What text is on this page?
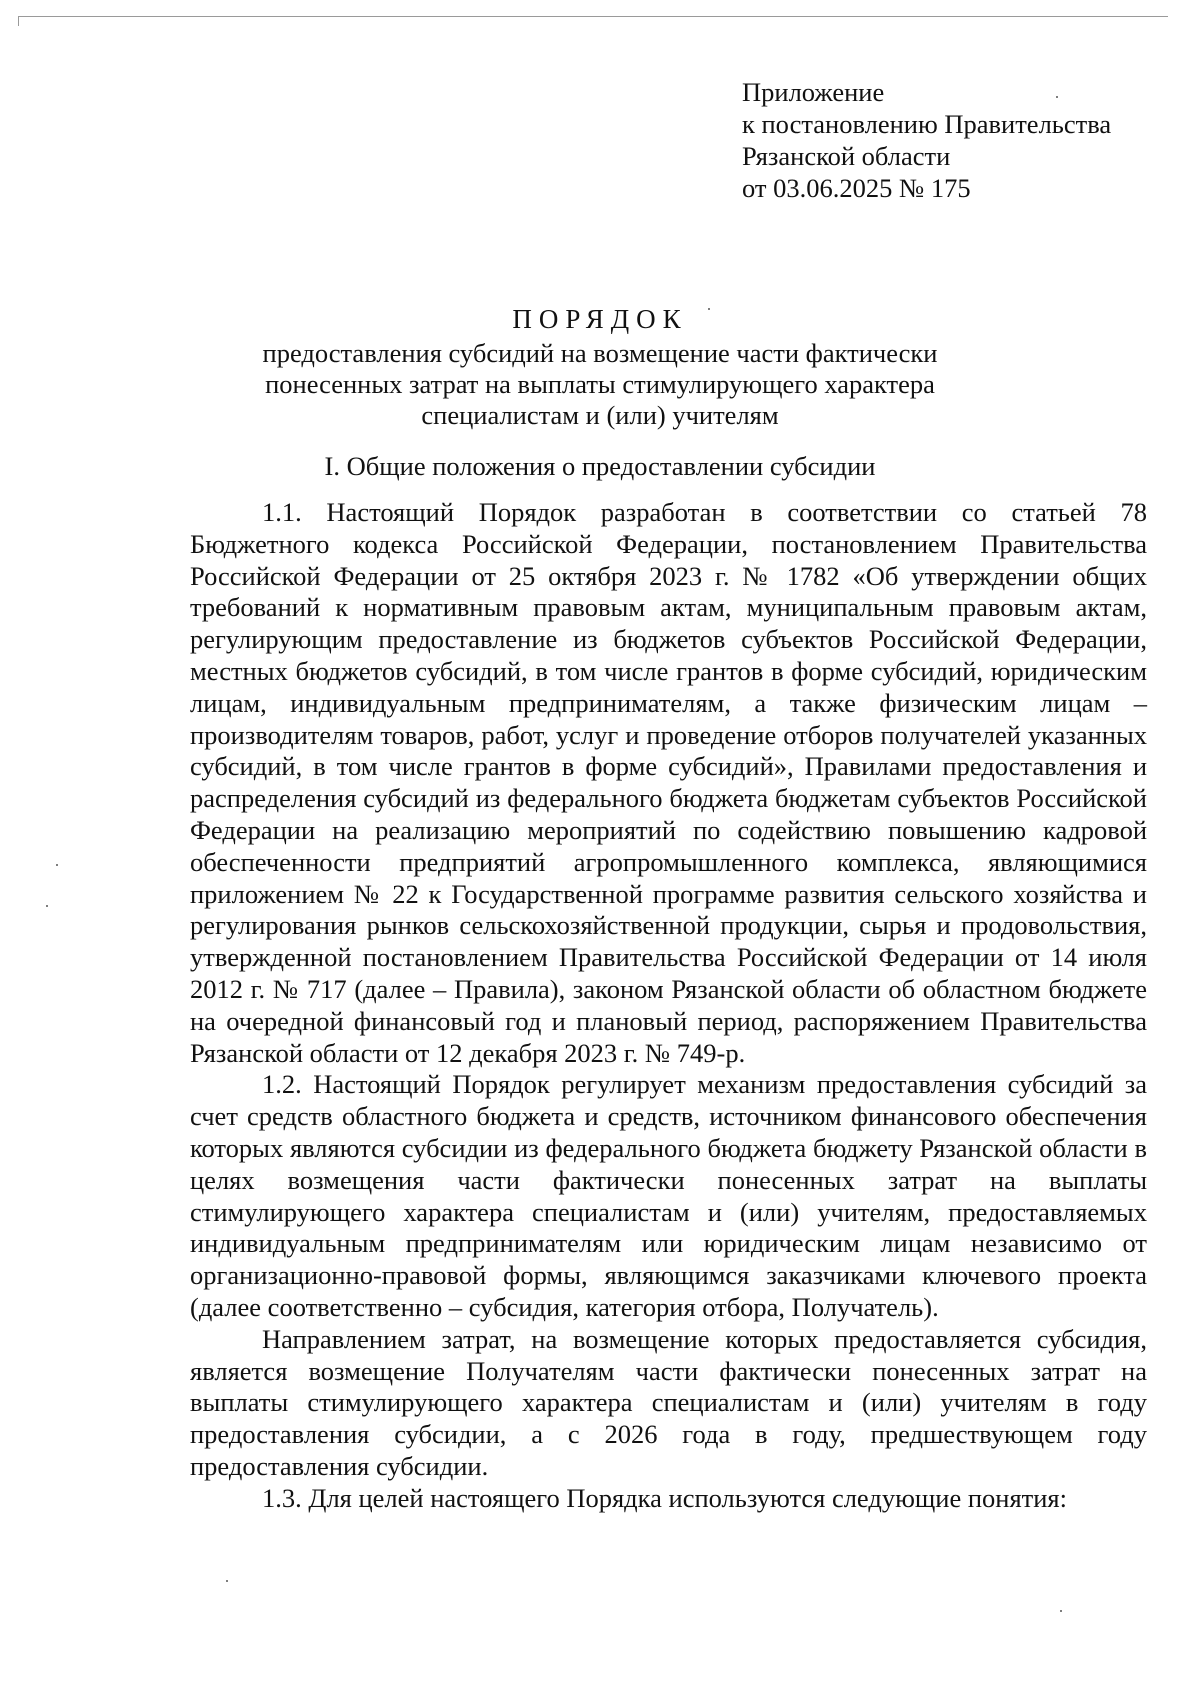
Приложение
к постановлению Правительства
Рязанской области
от 03.06.2025 № 175
ПОРЯДОК
предоставления субсидий на возмещение части фактически
понесенных затрат на выплаты стимулирующего характера
специалистам и (или) учителям
I. Общие положения о предоставлении субсидии

1.1. Настоящий Порядок разработан в соответствии со статьей 78 Бюджетного кодекса Российской Федерации, постановлением Правительства Российской Федерации от 25 октября 2023 г. № 1782 «Об утверждении общих требований к нормативным правовым актам, муниципальным правовым актам, регулирующим предоставление из бюджетов субъектов Российской Федерации, местных бюджетов субсидий, в том числе грантов в форме субсидий, юридическим лицам, индивидуальным предпринимателям, а также физическим лицам – производителям товаров, работ, услуг и проведение отборов получателей указанных субсидий, в том числе грантов в форме субсидий», Правилами предоставления и распределения субсидий из федерального бюджета бюджетам субъектов Российской Федерации на реализацию мероприятий по содействию повышению кадровой обеспеченности предприятий агропромышленного комплекса, являющимися приложением № 22 к Государственной программе развития сельского хозяйства и регулирования рынков сельскохозяйственной продукции, сырья и продовольствия, утвержденной постановлением Правительства Российской Федерации от 14 июля 2012 г. № 717 (далее – Правила), законом Рязанской области об областном бюджете на очередной финансовый год и плановый период, распоряжением Правительства Рязанской области от 12 декабря 2023 г. № 749-р.

1.2. Настоящий Порядок регулирует механизм предоставления субсидий за счет средств областного бюджета и средств, источником финансового обеспечения которых являются субсидии из федерального бюджета бюджету Рязанской области в целях возмещения части фактически понесенных затрат на выплаты стимулирующего характера специалистам и (или) учителям, предоставляемых индивидуальным предпринимателям или юридическим лицам независимо от организационно-правовой формы, являющимся заказчиками ключевого проекта (далее соответственно – субсидия, категория отбора, Получатель).

Направлением затрат, на возмещение которых предоставляется субсидия, является возмещение Получателям части фактически понесенных затрат на выплаты стимулирующего характера специалистам и (или) учителям в году предоставления субсидии, а с 2026 года в году, предшествующем году предоставления субсидии.

1.3. Для целей настоящего Порядка используются следующие понятия:
